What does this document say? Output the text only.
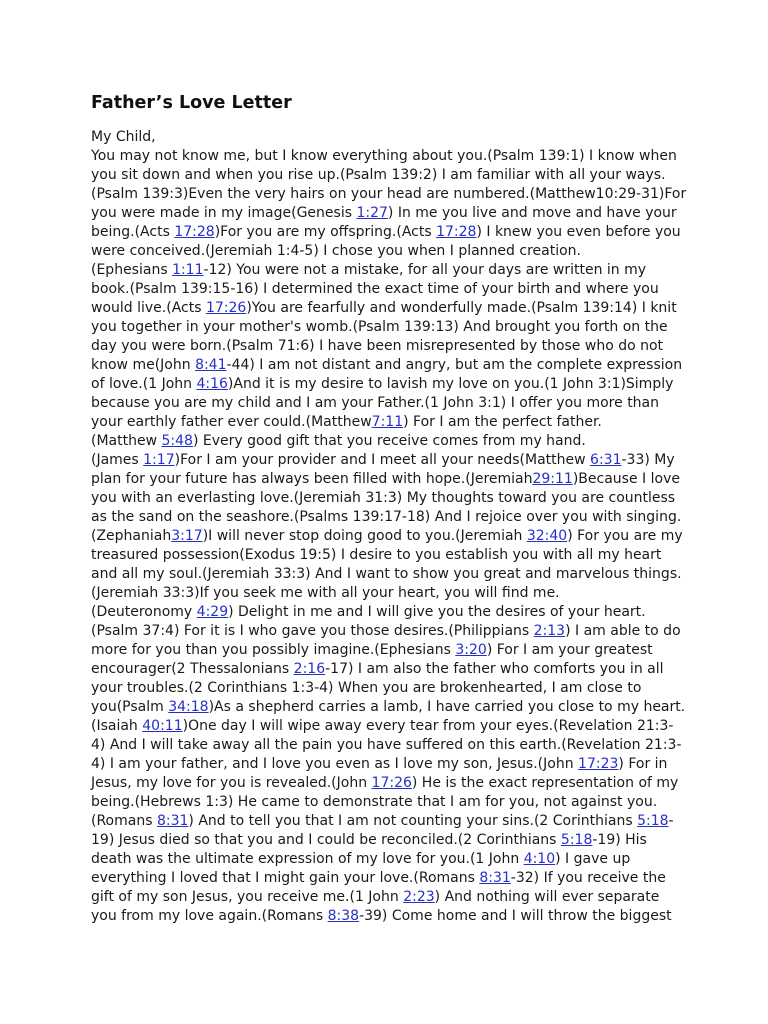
Father’s Love Letter
My Child,
You may not know me, but I know everything about you.(Psalm 139:1) I know when
you sit down and when you rise up.(Psalm 139:2) I am familiar with all your ways.
(Psalm 139:3)Even the very hairs on your head are numbered.(Matthew10:29-31)For
you were made in my image(Genesis 1:27) In me you live and move and have your
being.(Acts 17:28)For you are my offspring.(Acts 17:28) I knew you even before you
were conceived.(Jeremiah 1:4-5) I chose you when I planned creation.
(Ephesians 1:11-12) You were not a mistake, for all your days are written in my
book.(Psalm 139:15-16) I determined the exact time of your birth and where you
would live.(Acts 17:26)You are fearfully and wonderfully made.(Psalm 139:14) I knit
you together in your mother's womb.(Psalm 139:13) And brought you forth on the
day you were born.(Psalm 71:6) I have been misrepresented by those who do not
know me(John 8:41-44) I am not distant and angry, but am the complete expression
of love.(1 John 4:16)And it is my desire to lavish my love on you.(1 John 3:1)Simply
because you are my child and I am your Father.(1 John 3:1) I offer you more than
your earthly father ever could.(Matthew7:11) For I am the perfect father.
(Matthew 5:48) Every good gift that you receive comes from my hand.
(James 1:17)For I am your provider and I meet all your needs(Matthew 6:31-33) My
plan for your future has always been filled with hope.(Jeremiah29:11)Because I love
you with an everlasting love.(Jeremiah 31:3) My thoughts toward you are countless
as the sand on the seashore.(Psalms 139:17-18) And I rejoice over you with singing.
(Zephaniah3:17)I will never stop doing good to you.(Jeremiah 32:40) For you are my
treasured possession(Exodus 19:5) I desire to you establish you with all my heart
and all my soul.(Jeremiah 33:3) And I want to show you great and marvelous things.
(Jeremiah 33:3)If you seek me with all your heart, you will find me.
(Deuteronomy 4:29) Delight in me and I will give you the desires of your heart.
(Psalm 37:4) For it is I who gave you those desires.(Philippians 2:13) I am able to do
more for you than you possibly imagine.(Ephesians 3:20) For I am your greatest
encourager(2 Thessalonians 2:16-17) I am also the father who comforts you in all
your troubles.(2 Corinthians 1:3-4) When you are brokenhearted, I am close to
you(Psalm 34:18)As a shepherd carries a lamb, I have carried you close to my heart.
(Isaiah 40:11)One day I will wipe away every tear from your eyes.(Revelation 21:3-
4) And I will take away all the pain you have suffered on this earth.(Revelation 21:3-
4) I am your father, and I love you even as I love my son, Jesus.(John 17:23) For in
Jesus, my love for you is revealed.(John 17:26) He is the exact representation of my
being.(Hebrews 1:3) He came to demonstrate that I am for you, not against you.
(Romans 8:31) And to tell you that I am not counting your sins.(2 Corinthians 5:18-
19) Jesus died so that you and I could be reconciled.(2 Corinthians 5:18-19) His
death was the ultimate expression of my love for you.(1 John 4:10) I gave up
everything I loved that I might gain your love.(Romans 8:31-32) If you receive the
gift of my son Jesus, you receive me.(1 John 2:23) And nothing will ever separate
you from my love again.(Romans 8:38-39) Come home and I will throw the biggest
